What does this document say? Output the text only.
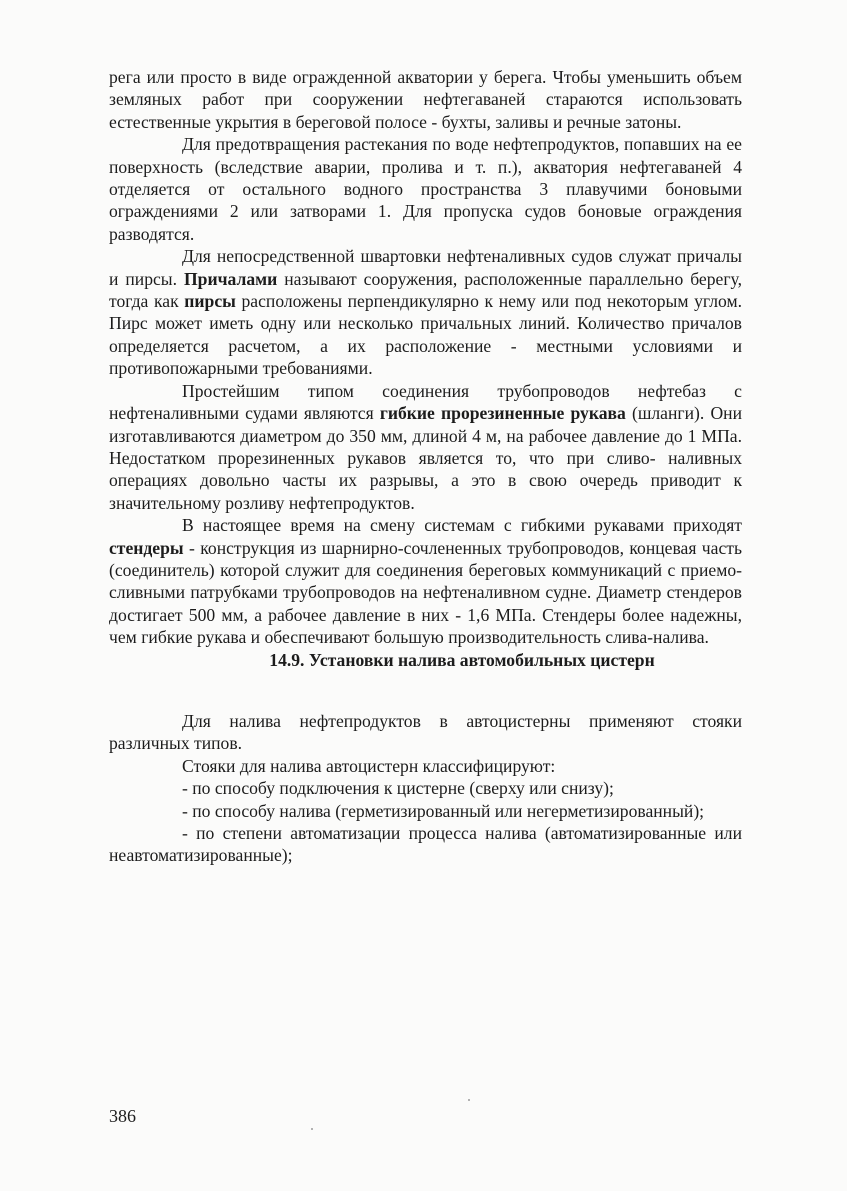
рега или просто в виде огражденной акватории у берега. Чтобы уменьшить объем земляных работ при сооружении нефтегаваней стараются использовать естественные укрытия в береговой полосе - бухты, заливы и речные затоны.

Для предотвращения растекания по воде нефтепродуктов, попавших на ее поверхность (вследствие аварии, пролива и т. п.), акватория нефтегаваней 4 отделяется от остального водного пространства 3 плавучими боновыми ограждениями 2 или затворами 1. Для пропуска судов боновые ограждения разводятся.

Для непосредственной швартовки нефтеналивных судов служат причалы и пирсы. Причалами называют сооружения, расположенные параллельно берегу, тогда как пирсы расположены перпендикулярно к нему или под некоторым углом. Пирс может иметь одну или несколько причальных линий. Количество причалов определяется расчетом, а их расположение - местными условиями и противопожарными требованиями.

Простейшим типом соединения трубопроводов нефтебаз с нефтеналивными судами являются гибкие прорезиненные рукава (шланги). Они изготавливаются диаметром до 350 мм, длиной 4 м, на рабочее давление до 1 МПа. Недостатком прорезиненных рукавов является то, что при сливо- наливных операциях довольно часты их разрывы, а это в свою очередь приводит к значительному розливу нефтепродуктов.

В настоящее время на смену системам с гибкими рукавами приходят стендеры - конструкция из шарнирно-сочлененных трубопроводов, концевая часть (соединитель) которой служит для соединения береговых коммуникаций с приемо-сливными патрубками трубопроводов на нефтеналивном судне. Диаметр стендеров достигает 500 мм, а рабочее давление в них - 1,6 МПа. Стендеры более надежны, чем гибкие рукава и обеспечивают большую производительность слива-налива.

14.9. Установки налива автомобильных цистерн

Для налива нефтепродуктов в автоцистерны применяют стояки различных типов.

Стояки для налива автоцистерн классифицируют:

- по способу подключения к цистерне (сверху или снизу);

- по способу налива (герметизированный или негерметизированный);

- по степени автоматизации процесса налива (автоматизированные или неавтоматизированные);

386
